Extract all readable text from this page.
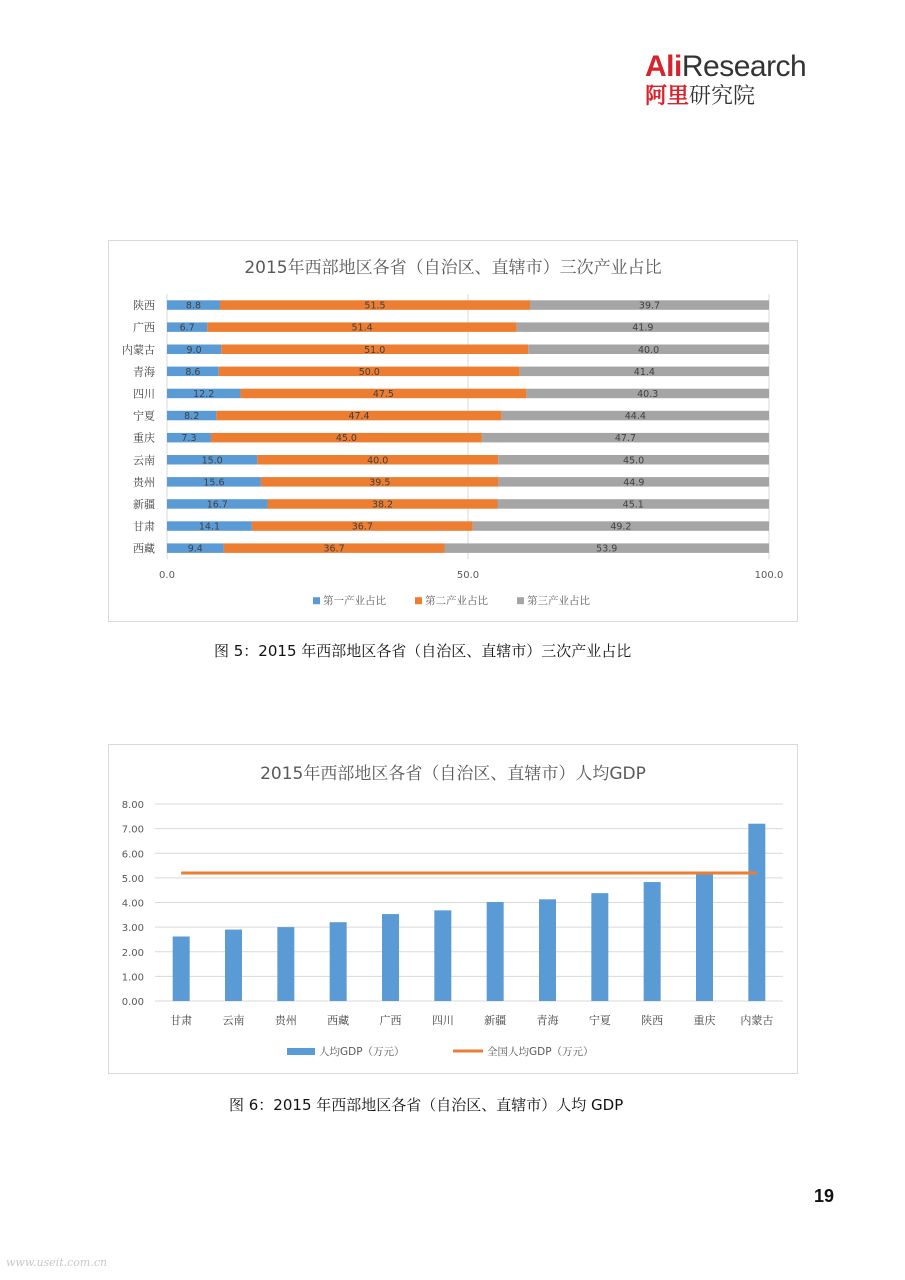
AliResearch
阿里研究院
2015年西部地区各省（自治区、直辖市）三次产业占比
0.0	50.0	100.0
陕西	8.8	51.5	39.7
广西	6.7	51.4	41.9
内蒙古	9.0	51.0	40.0
青海	8.6	50.0	41.4
四川	12.2	47.5	40.3
宁夏	8.2	47.4	44.4
重庆	7.3	45.0	47.7
云南	15.0	40.0	45.0
贵州	15.6	39.5	44.9
新疆	16.7	38.2	45.1
甘肃	14.1	36.7	49.2
西藏	9.4	36.7	53.9
第一产业占比	第二产业占比	第三产业占比
图 5：2015 年西部地区各省（自治区、直辖市）三次产业占比
2015年西部地区各省（自治区、直辖市）人均GDP
0.00
1.00
2.00
3.00
4.00
5.00
6.00
7.00
8.00
甘肃	云南	贵州	西藏	广西	四川	新疆	青海	宁夏	陕西	重庆 内蒙古
人均GDP（万元）	全国人均GDP（万元）
图 6：2015 年西部地区各省（自治区、直辖市）人均 GDP
19
www.useit.com.cn
